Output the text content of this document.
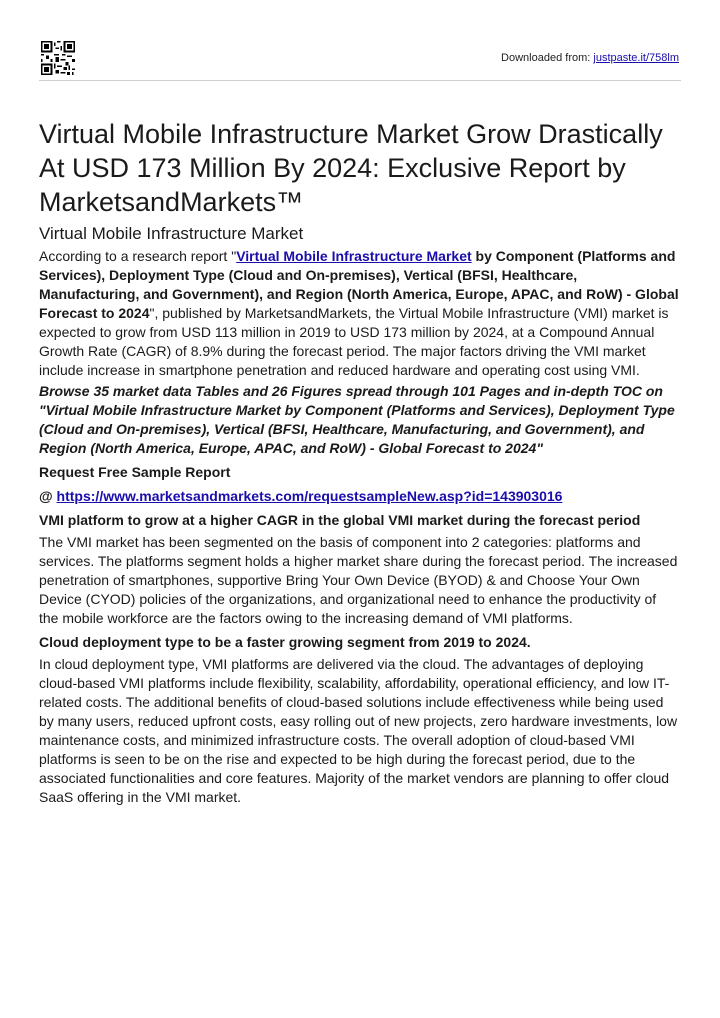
Downloaded from: justpaste.it/758lm
Virtual Mobile Infrastructure Market Grow Drastically At USD 173 Million By 2024: Exclusive Report by MarketsandMarkets™
Virtual Mobile Infrastructure Market

According to a research report "Virtual Mobile Infrastructure Market by Component (Platforms and Services), Deployment Type (Cloud and On-premises), Vertical (BFSI, Healthcare, Manufacturing, and Government), and Region (North America, Europe, APAC, and RoW) - Global Forecast to 2024", published by MarketsandMarkets, the Virtual Mobile Infrastructure (VMI) market is expected to grow from USD 113 million in 2019 to USD 173 million by 2024, at a Compound Annual Growth Rate (CAGR) of 8.9% during the forecast period. The major factors driving the VMI market include increase in smartphone penetration and reduced hardware and operating cost using VMI.

Browse 35 market data Tables and 26 Figures spread through 101 Pages and in-depth TOC on "Virtual Mobile Infrastructure Market by Component (Platforms and Services), Deployment Type (Cloud and On-premises), Vertical (BFSI, Healthcare, Manufacturing, and Government), and Region (North America, Europe, APAC, and RoW) - Global Forecast to 2024"

Request Free Sample Report

@ https://www.marketsandmarkets.com/requestsampleNew.asp?id=143903016

VMI platform to grow at a higher CAGR in the global VMI market during the forecast period

The VMI market has been segmented on the basis of component into 2 categories: platforms and services. The platforms segment holds a higher market share during the forecast period. The increased penetration of smartphones, supportive Bring Your Own Device (BYOD) & and Choose Your Own Device (CYOD) policies of the organizations, and organizational need to enhance the productivity of the mobile workforce are the factors owing to the increasing demand of VMI platforms.

Cloud deployment type to be a faster growing segment from 2019 to 2024.

In cloud deployment type, VMI platforms are delivered via the cloud. The advantages of deploying cloud-based VMI platforms include flexibility, scalability, affordability, operational efficiency, and low IT-related costs. The additional benefits of cloud-based solutions include effectiveness while being used by many users, reduced upfront costs, easy rolling out of new projects, zero hardware investments, low maintenance costs, and minimized infrastructure costs. The overall adoption of cloud-based VMI platforms is seen to be on the rise and expected to be high during the forecast period, due to the associated functionalities and core features. Majority of the market vendors are planning to offer cloud SaaS offering in the VMI market.
